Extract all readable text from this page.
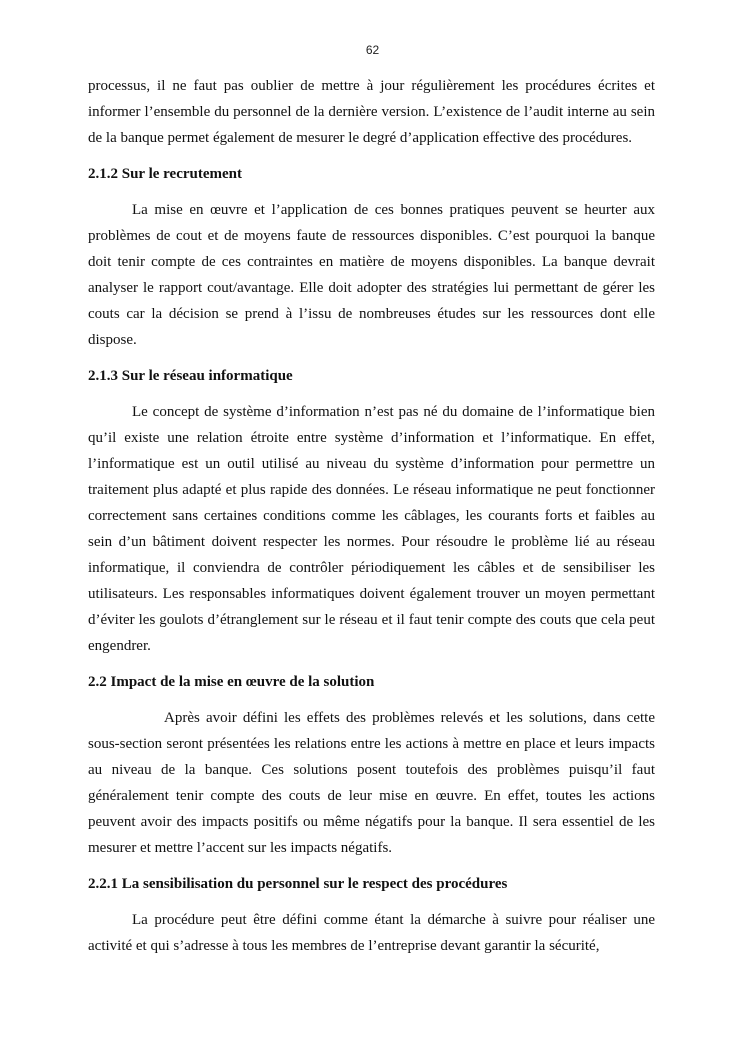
62

processus, il ne faut pas oublier de mettre à jour régulièrement les procédures écrites et informer l’ensemble du personnel de la dernière version. L’existence de l’audit interne au sein de la banque permet également de mesurer le degré d’application effective des procédures.

2.1.2 Sur le recrutement

La mise en œuvre et l’application de ces bonnes pratiques peuvent se heurter aux problèmes de cout et de moyens faute de ressources disponibles. C’est pourquoi la banque doit tenir compte de ces contraintes en matière de moyens disponibles. La banque devrait analyser le rapport cout/avantage. Elle doit adopter des stratégies lui permettant de gérer les couts car la décision se prend à l’issu de nombreuses études sur les ressources dont elle dispose.

2.1.3 Sur le réseau informatique

Le concept de système d’information n’est pas né du domaine de l’informatique bien qu’il existe une relation étroite entre système d’information et l’informatique. En effet, l’informatique est un outil utilisé au niveau du système d’information pour permettre un traitement plus adapté et plus rapide des données. Le réseau informatique ne peut fonctionner correctement sans certaines conditions comme les câblages, les courants forts et faibles au sein d’un bâtiment doivent respecter les normes. Pour résoudre le problème lié au réseau informatique, il conviendra de contrôler périodiquement les câbles et de sensibiliser les utilisateurs. Les responsables informatiques doivent également trouver un moyen permettant d’éviter les goulots d’étranglement sur le réseau et il faut tenir compte des couts que cela peut engendrer.

2.2 Impact de la mise en œuvre de la solution

Après avoir défini les effets des problèmes relevés et les solutions, dans cette sous-section seront présentées les relations entre les actions à mettre en place et leurs impacts au niveau de la banque. Ces solutions posent toutefois des problèmes puisqu’il faut généralement tenir compte des couts de leur mise en œuvre. En effet, toutes les actions peuvent avoir des impacts positifs ou même négatifs pour la banque. Il sera essentiel de les mesurer et mettre l’accent sur les impacts négatifs.

2.2.1 La sensibilisation du personnel sur le respect des procédures

La procédure peut être défini comme étant la démarche à suivre pour réaliser une activité et qui s’adresse à tous les membres de l’entreprise devant garantir la sécurité,
